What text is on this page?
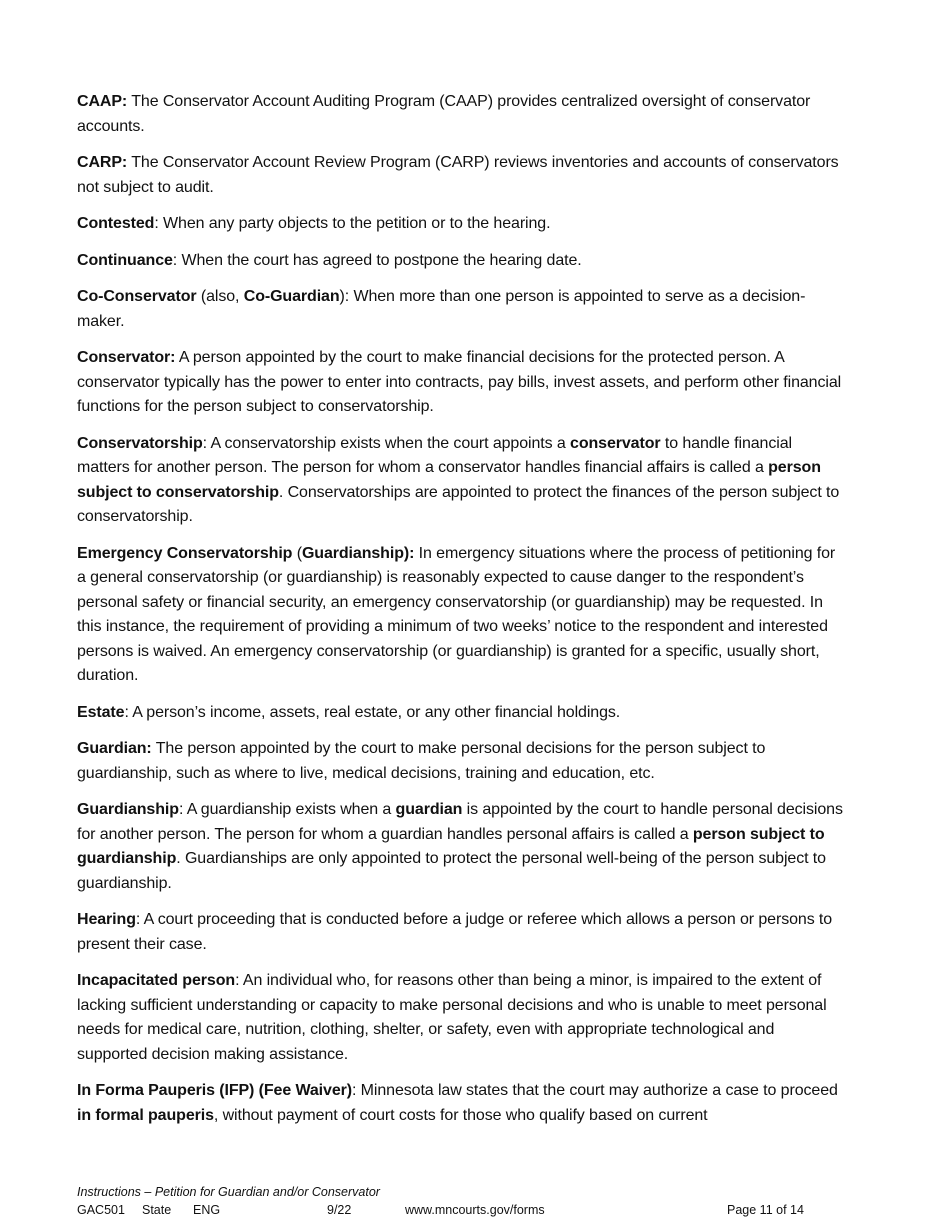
CAAP: The Conservator Account Auditing Program (CAAP) provides centralized oversight of conservator accounts.

CARP: The Conservator Account Review Program (CARP) reviews inventories and accounts of conservators not subject to audit.

Contested: When any party objects to the petition or to the hearing.

Continuance: When the court has agreed to postpone the hearing date.

Co-Conservator (also, Co-Guardian): When more than one person is appointed to serve as a decision-maker.

Conservator: A person appointed by the court to make financial decisions for the protected person. A conservator typically has the power to enter into contracts, pay bills, invest assets, and perform other financial functions for the person subject to conservatorship.

Conservatorship: A conservatorship exists when the court appoints a conservator to handle financial matters for another person. The person for whom a conservator handles financial affairs is called a person subject to conservatorship. Conservatorships are appointed to protect the finances of the person subject to conservatorship.

Emergency Conservatorship (Guardianship): In emergency situations where the process of petitioning for a general conservatorship (or guardianship) is reasonably expected to cause danger to the respondent’s personal safety or financial security, an emergency conservatorship (or guardianship) may be requested. In this instance, the requirement of providing a minimum of two weeks’ notice to the respondent and interested persons is waived. An emergency conservatorship (or guardianship) is granted for a specific, usually short, duration.

Estate: A person’s income, assets, real estate, or any other financial holdings.

Guardian: The person appointed by the court to make personal decisions for the person subject to guardianship, such as where to live, medical decisions, training and education, etc.

Guardianship: A guardianship exists when a guardian is appointed by the court to handle personal decisions for another person. The person for whom a guardian handles personal affairs is called a person subject to guardianship. Guardianships are only appointed to protect the personal well-being of the person subject to guardianship.

Hearing: A court proceeding that is conducted before a judge or referee which allows a person or persons to present their case.

Incapacitated person: An individual who, for reasons other than being a minor, is impaired to the extent of lacking sufficient understanding or capacity to make personal decisions and who is unable to meet personal needs for medical care, nutrition, clothing, shelter, or safety, even with appropriate technological and supported decision making assistance.

In Forma Pauperis (IFP) (Fee Waiver): Minnesota law states that the court may authorize a case to proceed in formal pauperis, without payment of court costs for those who qualify based on current

Instructions – Petition for Guardian and/or Conservator
GAC501 State ENG	9/22	www.mncourts.gov/forms	Page 11 of 14
